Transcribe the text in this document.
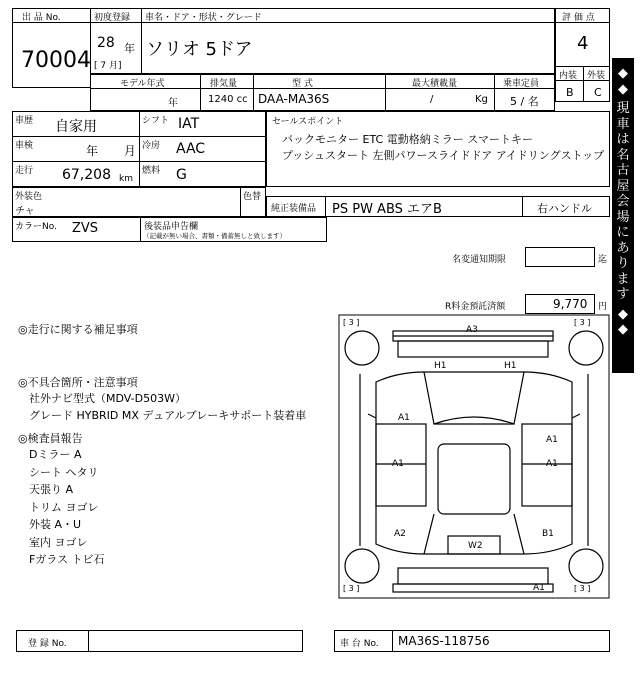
出 品 No.
70004
初度登録 車名・ドア・形状・グレード
28 年
[ 7 月]
ソリオ 5ドア
評 価 点
4
内装 外装
B C
モデル年式	排気量	型 式	最大積載量	乗車定員
年	1240 cc DAA-MA36S	/	Kg 5 / 名
車歴 自家用
車検	年 月
走行 67,208 km
シフト IAT
冷房 AAC
燃料 G
セールスポイント
バックモニター ETC 電動格納ミラー スマートキー
プッシュスタート 左側パワースライドドア アイドリングストップ
外装色
チャ
色替
純正装備品 PS PW ABS エアB	右ハンドル
カラーNo. ZVS	後装品申告欄
（記載が無い場合、書類・備蓄無しと致します）
名変通知期限	迄
R料金預託済額	9,770 円
◎走行に関する補足事項
◎不具合箇所・注意事項
社外ナビ型式（MDV-D503W）
グレード HYBRID MX デュアルブレーキサポート装着車
◎検査員報告
Dミラー A
シート ヘタリ
天張り A
トリム ヨゴレ
外装 A・U
室内 ヨゴレ
Fガラス トビ石
[ 3 ]	[ 3 ]
[ 3 ]	[ 3 ]
A3
H1	H1
A1
A1
A1	A1
A2
W2
B1
A1
◆
◆
現
車
は
名
古
屋
会
場
に
あ
り
ま
す
◆
◆
登 録 No.	車 台 No. MA36S-118756
